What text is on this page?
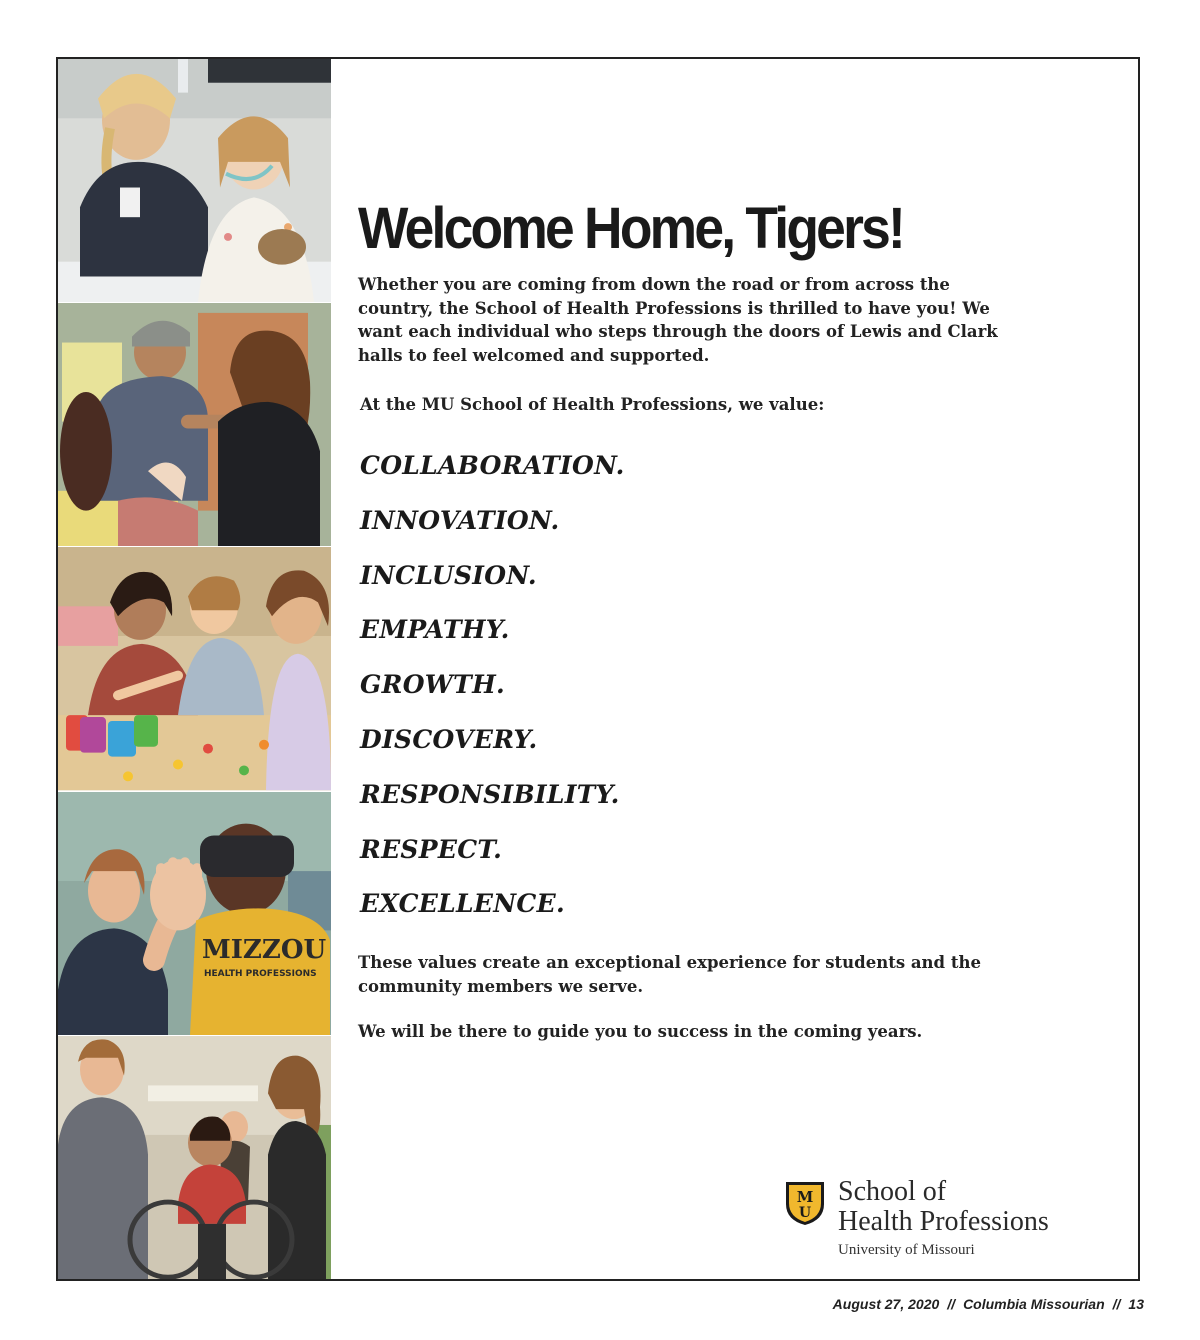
MIZZOU
HEALTH PROFESSIONS
Welcome Home, Tigers!

Whether you are coming from down the road or from across the country, the School of Health Professions is thrilled to have you! We want each individual who steps through the doors of Lewis and Clark halls to feel welcomed and supported.

At the MU School of Health Professions, we value:

COLLABORATION.
INNOVATION.
INCLUSION.
EMPATHY.
GROWTH.
DISCOVERY.
RESPONSIBILITY.
RESPECT.
EXCELLENCE.

These values create an exceptional experience for students and the community members we serve.

We will be there to guide you to success in the coming years.

M
U
School of
Health Professions
University of Missouri
August 27, 2020 // Columbia Missourian // 13
